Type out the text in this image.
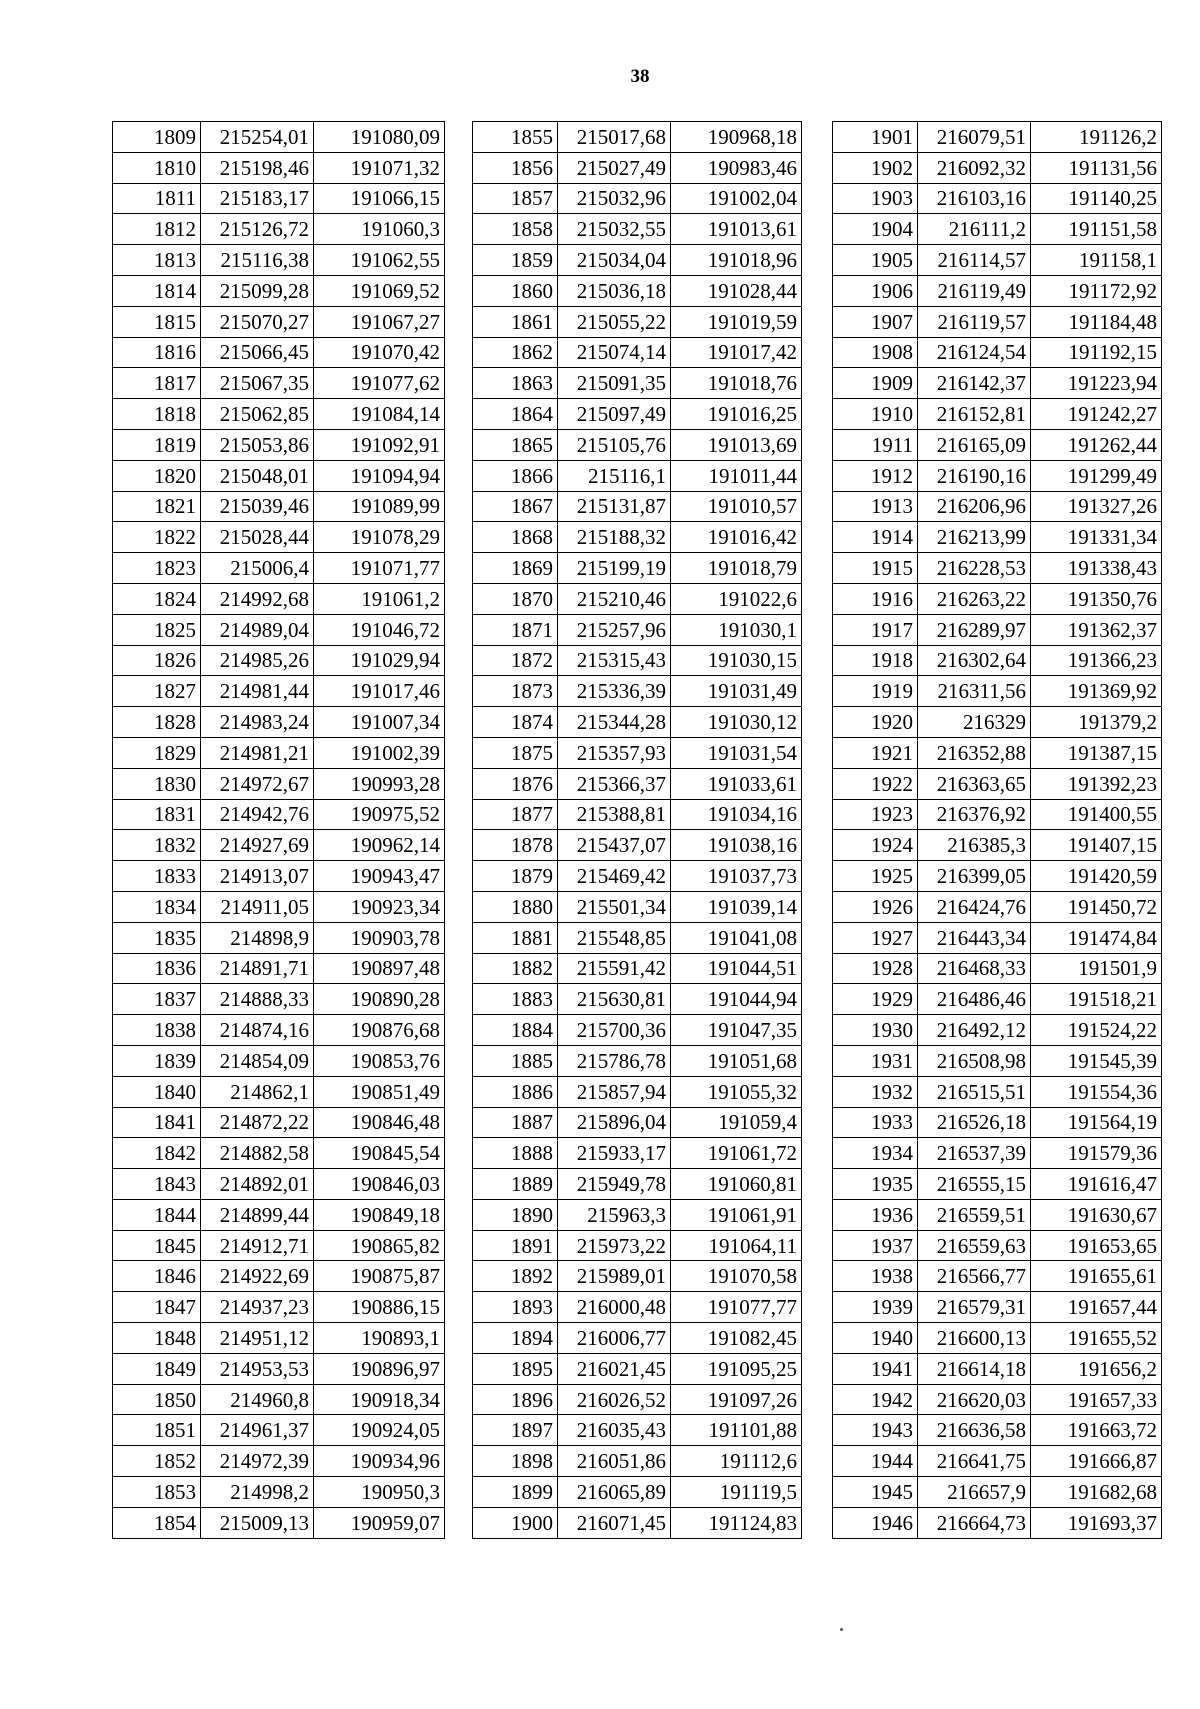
38
1809	215254,01	191080,09
1810	215198,46	191071,32
1811	215183,17	191066,15
1812	215126,72	191060,3
1813	215116,38	191062,55
1814	215099,28	191069,52
1815	215070,27	191067,27
1816	215066,45	191070,42
1817	215067,35	191077,62
1818	215062,85	191084,14
1819	215053,86	191092,91
1820	215048,01	191094,94
1821	215039,46	191089,99
1822	215028,44	191078,29
1823	215006,4	191071,77
1824	214992,68	191061,2
1825	214989,04	191046,72
1826	214985,26	191029,94
1827	214981,44	191017,46
1828	214983,24	191007,34
1829	214981,21	191002,39
1830	214972,67	190993,28
1831	214942,76	190975,52
1832	214927,69	190962,14
1833	214913,07	190943,47
1834	214911,05	190923,34
1835	214898,9	190903,78
1836	214891,71	190897,48
1837	214888,33	190890,28
1838	214874,16	190876,68
1839	214854,09	190853,76
1840	214862,1	190851,49
1841	214872,22	190846,48
1842	214882,58	190845,54
1843	214892,01	190846,03
1844	214899,44	190849,18
1845	214912,71	190865,82
1846	214922,69	190875,87
1847	214937,23	190886,15
1848	214951,12	190893,1
1849	214953,53	190896,97
1850	214960,8	190918,34
1851	214961,37	190924,05
1852	214972,39	190934,96
1853	214998,2	190950,3
1854	215009,13	190959,07
1855	215017,68	190968,18
1856	215027,49	190983,46
1857	215032,96	191002,04
1858	215032,55	191013,61
1859	215034,04	191018,96
1860	215036,18	191028,44
1861	215055,22	191019,59
1862	215074,14	191017,42
1863	215091,35	191018,76
1864	215097,49	191016,25
1865	215105,76	191013,69
1866	215116,1	191011,44
1867	215131,87	191010,57
1868	215188,32	191016,42
1869	215199,19	191018,79
1870	215210,46	191022,6
1871	215257,96	191030,1
1872	215315,43	191030,15
1873	215336,39	191031,49
1874	215344,28	191030,12
1875	215357,93	191031,54
1876	215366,37	191033,61
1877	215388,81	191034,16
1878	215437,07	191038,16
1879	215469,42	191037,73
1880	215501,34	191039,14
1881	215548,85	191041,08
1882	215591,42	191044,51
1883	215630,81	191044,94
1884	215700,36	191047,35
1885	215786,78	191051,68
1886	215857,94	191055,32
1887	215896,04	191059,4
1888	215933,17	191061,72
1889	215949,78	191060,81
1890	215963,3	191061,91
1891	215973,22	191064,11
1892	215989,01	191070,58
1893	216000,48	191077,77
1894	216006,77	191082,45
1895	216021,45	191095,25
1896	216026,52	191097,26
1897	216035,43	191101,88
1898	216051,86	191112,6
1899	216065,89	191119,5
1900	216071,45	191124,83
1901	216079,51	191126,2
1902	216092,32	191131,56
1903	216103,16	191140,25
1904	216111,2	191151,58
1905	216114,57	191158,1
1906	216119,49	191172,92
1907	216119,57	191184,48
1908	216124,54	191192,15
1909	216142,37	191223,94
1910	216152,81	191242,27
1911	216165,09	191262,44
1912	216190,16	191299,49
1913	216206,96	191327,26
1914	216213,99	191331,34
1915	216228,53	191338,43
1916	216263,22	191350,76
1917	216289,97	191362,37
1918	216302,64	191366,23
1919	216311,56	191369,92
1920	216329	191379,2
1921	216352,88	191387,15
1922	216363,65	191392,23
1923	216376,92	191400,55
1924	216385,3	191407,15
1925	216399,05	191420,59
1926	216424,76	191450,72
1927	216443,34	191474,84
1928	216468,33	191501,9
1929	216486,46	191518,21
1930	216492,12	191524,22
1931	216508,98	191545,39
1932	216515,51	191554,36
1933	216526,18	191564,19
1934	216537,39	191579,36
1935	216555,15	191616,47
1936	216559,51	191630,67
1937	216559,63	191653,65
1938	216566,77	191655,61
1939	216579,31	191657,44
1940	216600,13	191655,52
1941	216614,18	191656,2
1942	216620,03	191657,33
1943	216636,58	191663,72
1944	216641,75	191666,87
1945	216657,9	191682,68
1946	216664,73	191693,37
